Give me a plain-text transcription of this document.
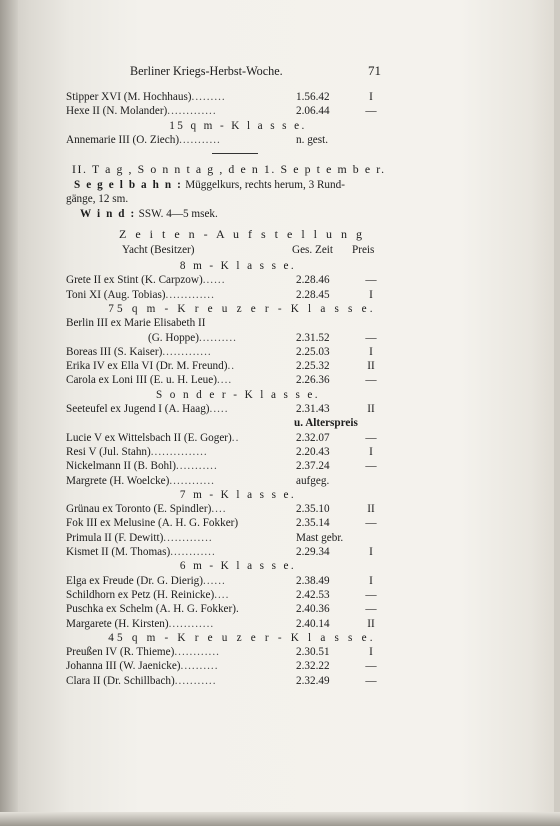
Berliner Kriegs-Herbst-Woche.	71
Stipper XVI (M. Hochhaus).........	1.56.42	I
Hexe II (N. Molander).............	2.06.44	—
15 q m - K l a s s e.
Annemarie III (O. Ziech)...........	n. gest.
II. T a g , S o n n t a g , d e n 1. S e p t e m b e r.
S e g e l b a h n : Müggelkurs, rechts herum, 3 Rund-
gänge, 12 sm.
W i n d : SSW. 4—5 msek.
Z e i t e n - A u f s t e l l u n g
Yacht (Besitzer)	Ges. Zeit Preis
8 m - K l a s s e.
Grete II ex Stint (K. Carpzow)......	2.28.46	—
Toni XI (Aug. Tobias).............	2.28.45	I
75 q m - K r e u z e r - K l a s s e.
Berlin III ex Marie Elisabeth II
(G. Hoppe)..........	2.31.52	—
Boreas III (S. Kaiser).............	2.25.03	I
Erika IV ex Ella VI (Dr. M. Freund)..	2.25.32	II
Carola ex Loni III (E. u. H. Leue)....	2.26.36	—
S o n d e r - K l a s s e.
Seeteufel ex Jugend I (A. Haag).....	2.31.43	II
u. Alterspreis
Lucie V ex Wittelsbach II (E. Goger)..	2.32.07	—
Resi V (Jul. Stahn)...............	2.20.43	I
Nickelmann II (B. Bohl)...........	2.37.24	—
Margrete (H. Woelcke)............	aufgeg.
7 m - K l a s s e.
Grünau ex Toronto (E. Spindler)....	2.35.10	II
Fok III ex Melusine (A. H. G. Fokker)	2.35.14	—
Primula II (F. Dewitt).............	Mast gebr.
Kismet II (M. Thomas)............	2.29.34	I
6 m - K l a s s e.
Elga ex Freude (Dr. G. Dierig)......	2.38.49	I
Schildhorn ex Petz (H. Reinicke)....	2.42.53	—
Puschka ex Schelm (A. H. G. Fokker).	2.40.36	—
Margarete (H. Kirsten)............	2.40.14	II
45 q m - K r e u z e r - K l a s s e.
Preußen IV (R. Thieme)............	2.30.51	I
Johanna III (W. Jaenicke)..........	2.32.22	—
Clara II (Dr. Schillbach)...........	2.32.49	—
